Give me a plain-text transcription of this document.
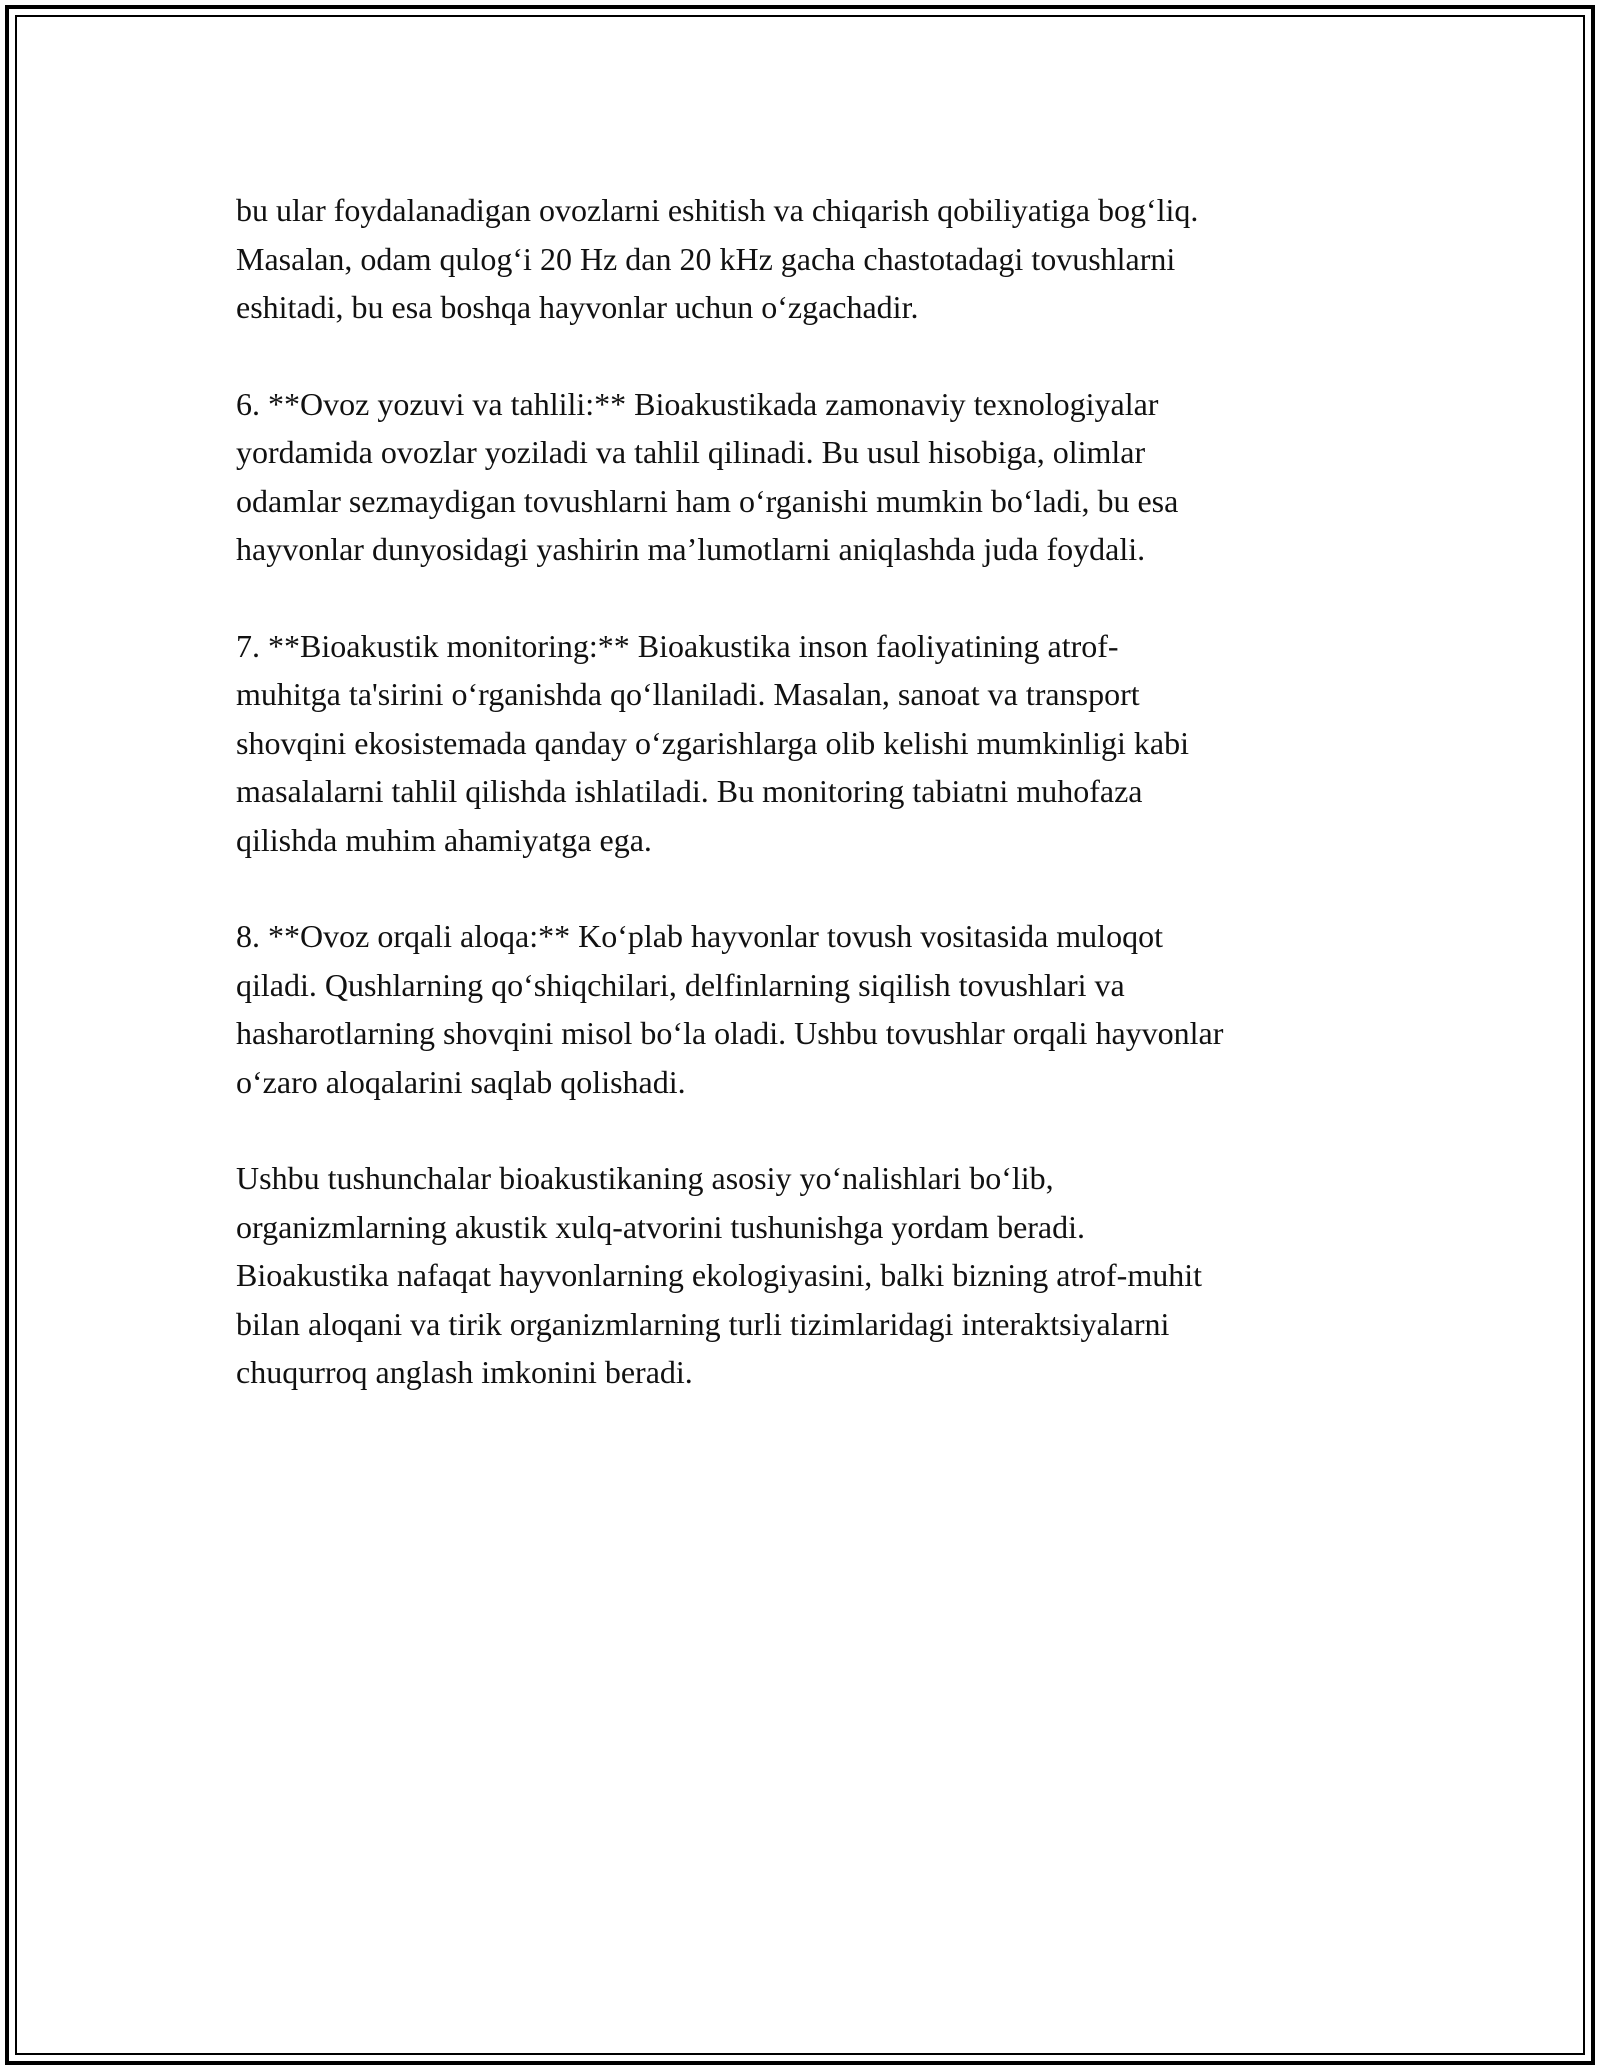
bu ular foydalanadigan ovozlarni eshitish va chiqarish qobiliyatiga bog‘liq.
Masalan, odam qulog‘i 20 Hz dan 20 kHz gacha chastotadagi tovushlarni
eshitadi, bu esa boshqa hayvonlar uchun o‘zgachadir.

6. **Ovoz yozuvi va tahlili:** Bioakustikada zamonaviy texnologiyalar
yordamida ovozlar yoziladi va tahlil qilinadi. Bu usul hisobiga, olimlar
odamlar sezmaydigan tovushlarni ham o‘rganishi mumkin bo‘ladi, bu esa
hayvonlar dunyosidagi yashirin ma’lumotlarni aniqlashda juda foydali.

7. **Bioakustik monitoring:** Bioakustika inson faoliyatining atrof-
muhitga ta'sirini o‘rganishda qo‘llaniladi. Masalan, sanoat va transport
shovqini ekosistemada qanday o‘zgarishlarga olib kelishi mumkinligi kabi
masalalarni tahlil qilishda ishlatiladi. Bu monitoring tabiatni muhofaza
qilishda muhim ahamiyatga ega.

8. **Ovoz orqali aloqa:** Ko‘plab hayvonlar tovush vositasida muloqot
qiladi. Qushlarning qo‘shiqchilari, delfinlarning siqilish tovushlari va
hasharotlarning shovqini misol bo‘la oladi. Ushbu tovushlar orqali hayvonlar
o‘zaro aloqalarini saqlab qolishadi.

Ushbu tushunchalar bioakustikaning asosiy yo‘nalishlari bo‘lib,
organizmlarning akustik xulq-atvorini tushunishga yordam beradi.
Bioakustika nafaqat hayvonlarning ekologiyasini, balki bizning atrof-muhit
bilan aloqani va tirik organizmlarning turli tizimlaridagi interaktsiyalarni
chuqurroq anglash imkonini beradi.
